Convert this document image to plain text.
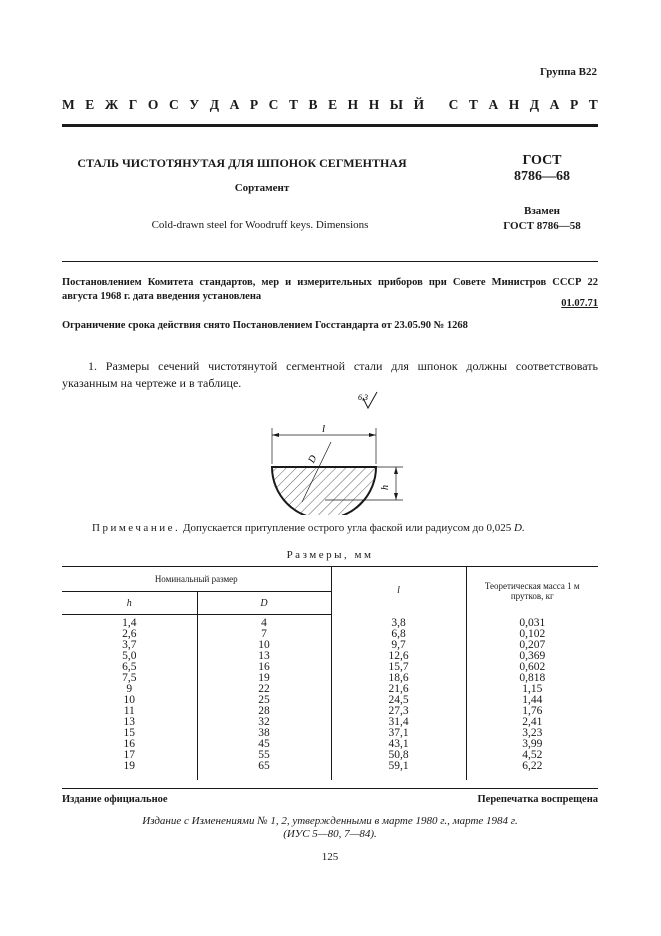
Группа В22
М Е Ж Г О С У Д А Р С Т В Е Н Н Ы Й
С Т А Н Д А Р Т
СТАЛЬ ЧИСТОТЯНУТАЯ ДЛЯ ШПОНОК СЕГМЕНТНАЯ
Сортамент
Cold-drawn steel for Woodruff keys. Dimensions
ГОСТ
8786—68
Взамен
ГОСТ 8786—58
Постановлением Комитета стандартов, мер и измерительных приборов при Совете Министров СССР 22 августа 1968 г. дата введения установлена
01.07.71
Ограничение срока действия снято Постановлением Госстандарта от 23.05.90 № 1268
1. Размеры сечений чистотянутой сегментной стали для шпонок должны соответствовать указанным на чертеже и в таблице.
6,3
l
D
h
Примечание. Допускается притупление острого угла фаской или радиусом до 0,025 D.
Размеры, мм
Номинальный размер		l	Теоретическая масса 1 м прутков, кг
h	D		
1,4	4	3,8	0,031
2,6	7	6,8	0,102
3,7	10	9,7	0,207
5,0	13	12,6	0,369
6,5	16	15,7	0,602
7,5	19	18,6	0,818
9	22	21,6	1,15
10	25	24,5	1,44
11	28	27,3	1,76
13	32	31,4	2,41
15	38	37,1	3,23
16	45	43,1	3,99
17	55	50,8	4,52
19	65	59,1	6,22
Издание официальное	Перепечатка воспрещена
Издание с Изменениями № 1, 2, утвержденными в марте 1980 г., марте 1984 г.
(ИУС 5—80, 7—84).
125
